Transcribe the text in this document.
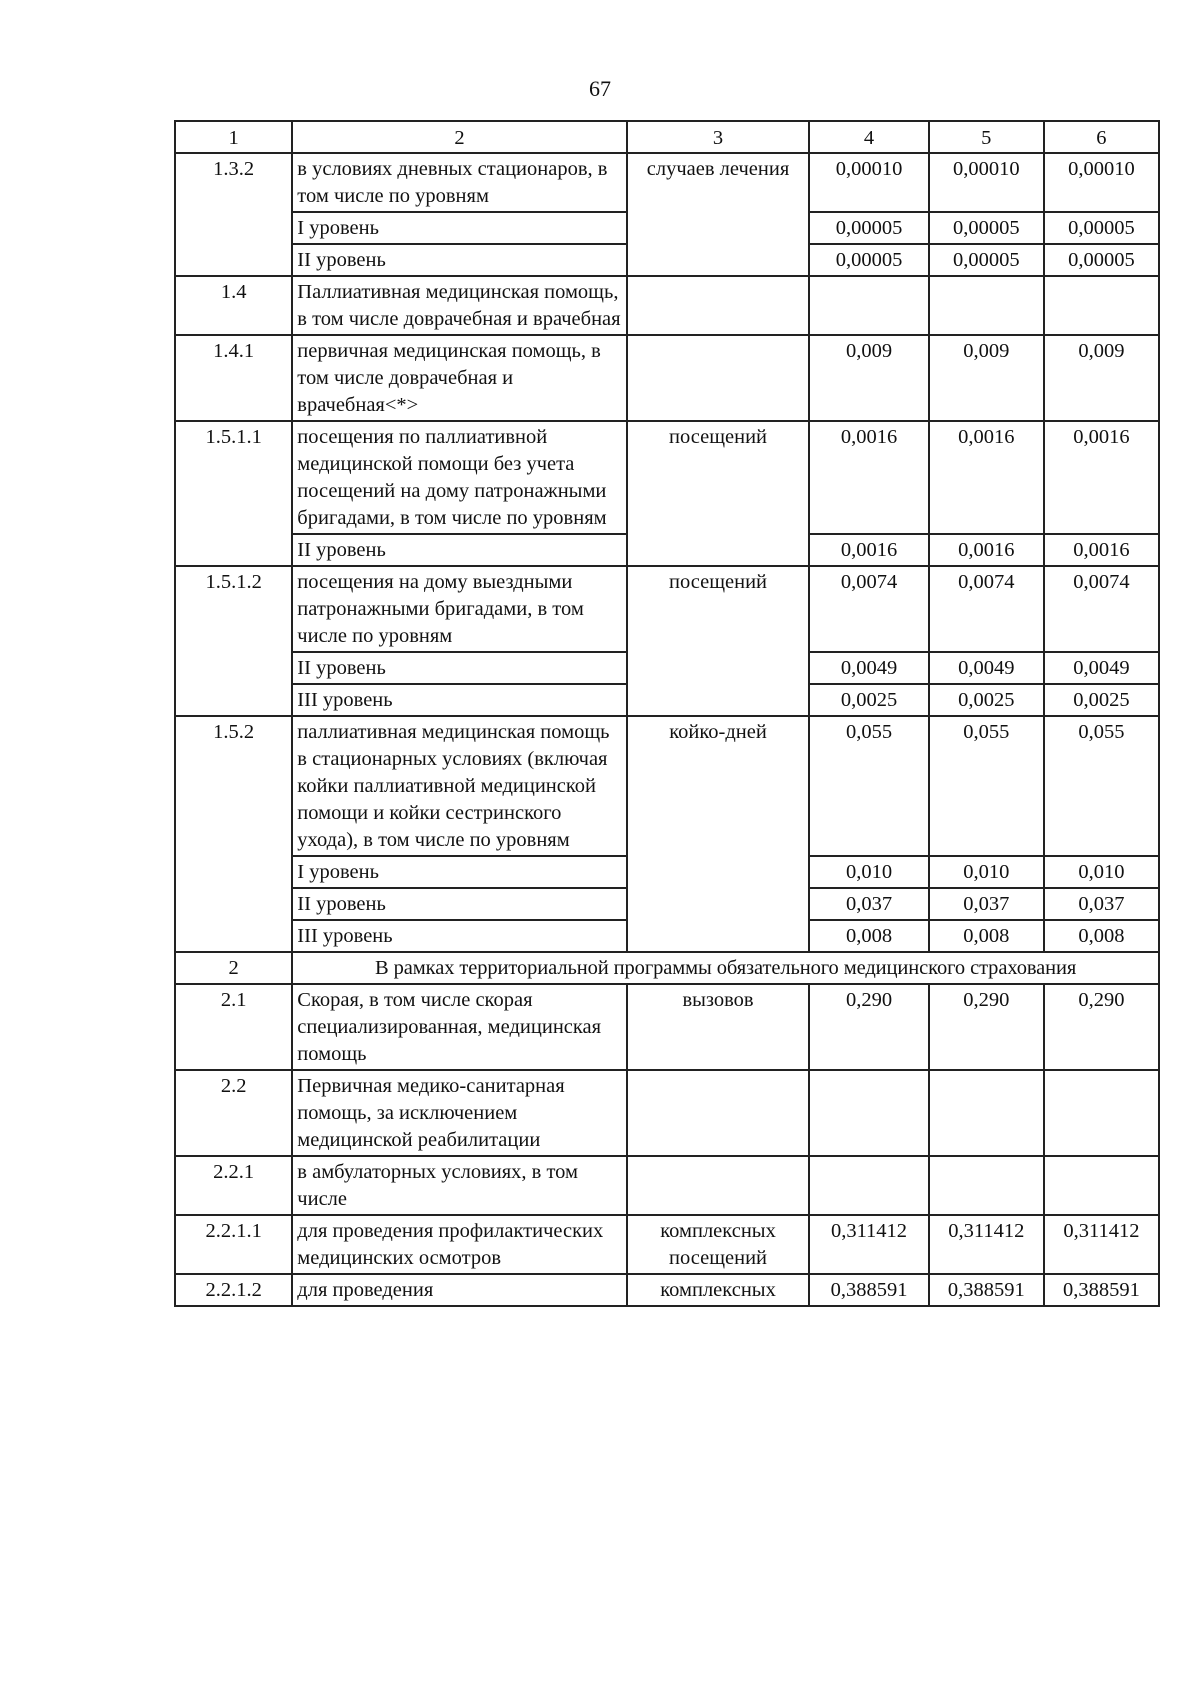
67
1	2	3	4	5	6
1.3.2	в условиях дневных стационаров, в том числе по уровням	случаев лечения	0,00010	0,00010	0,00010
	I уровень		0,00005	0,00005	0,00005
	II уровень		0,00005	0,00005	0,00005
1.4	Паллиативная медицинская помощь, в том числе доврачебная и врачебная				
1.4.1	первичная медицинская помощь, в том числе доврачебная и врачебная<*>		0,009	0,009	0,009
1.5.1.1	посещения по паллиативной медицинской помощи без учета посещений на дому патронажными бригадами, в том числе по уровням	посещений	0,0016	0,0016	0,0016
	II уровень		0,0016	0,0016	0,0016
1.5.1.2	посещения на дому выездными патронажными бригадами, в том числе по уровням	посещений	0,0074	0,0074	0,0074
	II уровень		0,0049	0,0049	0,0049
	III уровень		0,0025	0,0025	0,0025
1.5.2	паллиативная медицинская помощь в стационарных условиях (включая койки паллиативной медицинской помощи и койки сестринского ухода), в том числе по уровням	койко-дней	0,055	0,055	0,055
	I уровень		0,010	0,010	0,010
	II уровень		0,037	0,037	0,037
	III уровень		0,008	0,008	0,008
2	В рамках территориальной программы обязательного медицинского страхования				
2.1	Скорая, в том числе скорая специализированная, медицинская помощь	вызовов	0,290	0,290	0,290
2.2	Первичная медико-санитарная помощь, за исключением медицинской реабилитации				
2.2.1	в амбулаторных условиях, в том числе				
2.2.1.1	для проведения профилактических медицинских осмотров	комплексных посещений	0,311412	0,311412	0,311412
2.2.1.2	для проведения	комплексных	0,388591	0,388591	0,388591
